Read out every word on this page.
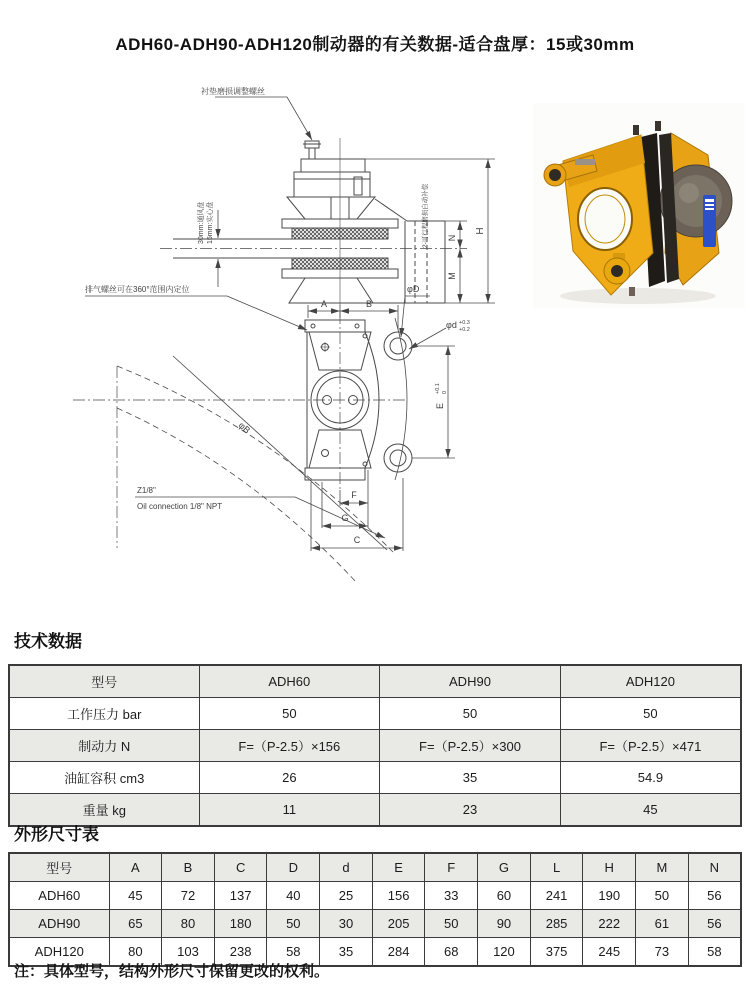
ADH60-ADH90-ADH120制动器的有关数据-适合盘厚：15或30mm
衬垫磨损调整螺丝
30mm:通风盘 15mm:实心盘	2-可行程磨损自动补偿 N
M
H
排气螺丝可在360°范围内定位
Z1/8"
Oil connection 1/8" NPT
A	B
φD
φd +0.3
+0.2
E
+0.1 0
F
G
C
φB
技术数据
型号	ADH60	ADH90	ADH120
工作压力 bar	50	50	50
制动力 N	F=（P-2.5）×156	F=（P-2.5）×300	F=（P-2.5）×471
油缸容积 cm3	26	35	54.9
重量 kg	11	23	45
外形尺寸表
型号	A	B	C	D	d	E	F	G	L	H	M	N
ADH60	45	72	137	40	25	156	33	60	241	190	50	56
ADH90	65	80	180	50	30	205	50	90	285	222	61	56
ADH120	80	103	238	58	35	284	68	120	375	245	73	58
注：具体型号，结构外形尺寸保留更改的权利。
